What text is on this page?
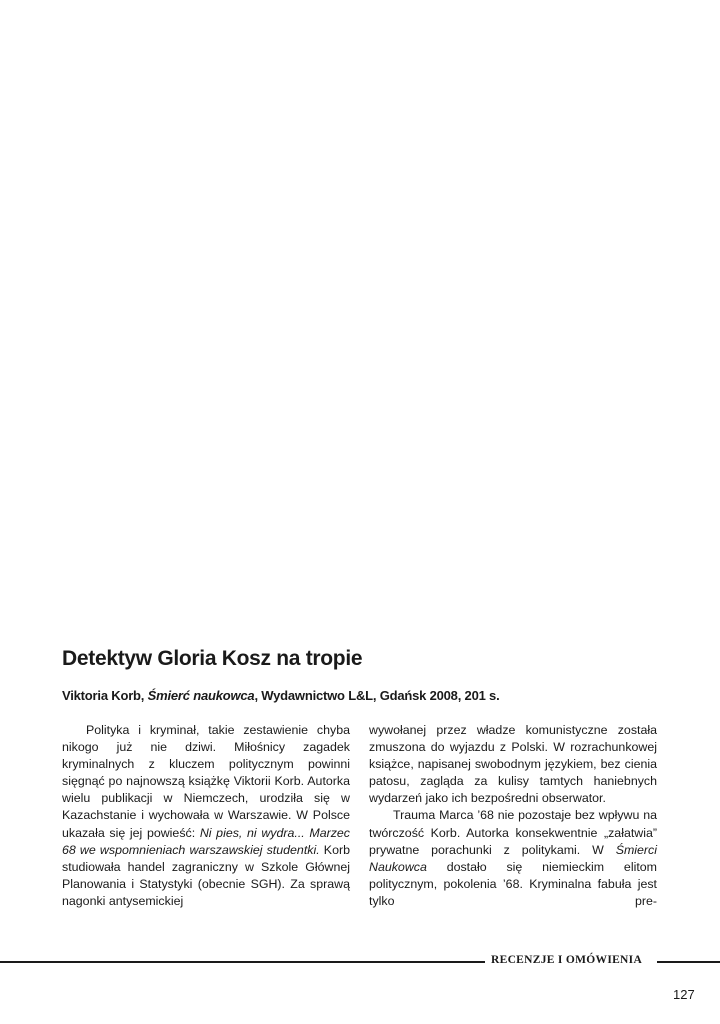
Detektyw Gloria Kosz na tropie

Viktoria Korb, Śmierć naukowca, Wydawnictwo L&L, Gdańsk 2008, 201 s.

Polityka i kryminał, takie zestawienie chyba nikogo już nie dziwi. Miłośnicy zagadek kryminalnych z kluczem politycznym powinni sięgnąć po najnowszą książkę Viktorii Korb. Autorka wielu publikacji w Niemczech, urodziła się w Kazachstanie i wychowała w Warszawie. W Polsce ukazała się jej powieść: Ni pies, ni wydra... Marzec 68 we wspomnieniach warszawskiej studentki. Korb studiowała handel zagraniczny w Szkole Głównej Planowania i Statystyki (obecnie SGH). Za sprawą nagonki antysemickiej

wywołanej przez władze komunistyczne została zmuszona do wyjazdu z Polski. W rozrachunkowej książce, napisanej swobodnym językiem, bez cienia patosu, zagląda za kulisy tamtych haniebnych wydarzeń jako ich bezpośredni obserwator.

Trauma Marca ’68 nie pozostaje bez wpływu na twórczość Korb. Autorka konsekwentnie „załatwia” prywatne porachunki z politykami. W Śmierci Naukowca dostało się niemieckim elitom politycznym, pokolenia ’68. Kryminalna fabuła jest tylko pre-

RECENZJE I OMÓWIENIA
127
